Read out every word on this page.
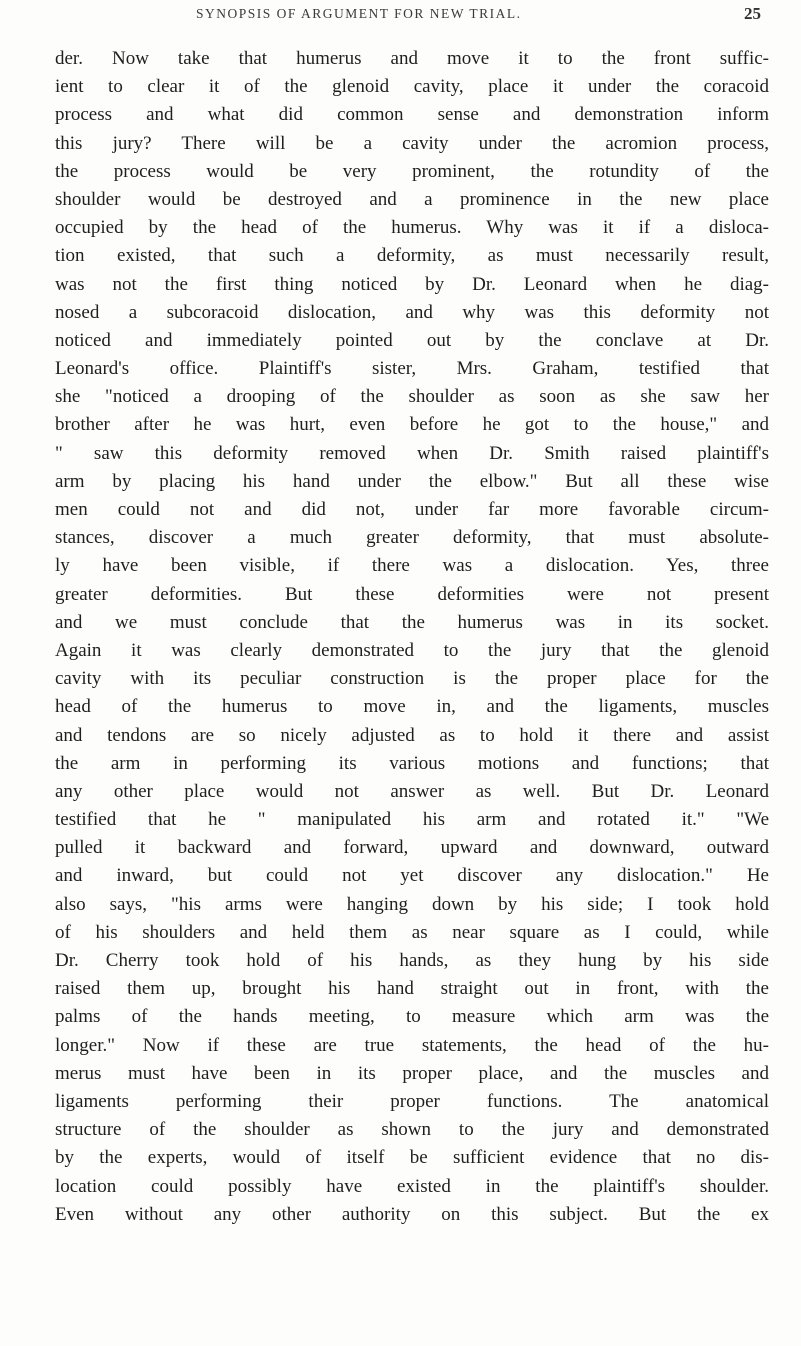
SYNOPSIS OF ARGUMENT FOR NEW TRIAL.	25
der. Now take that humerus and move it to the front suffic-
ient to clear it of the glenoid cavity, place it under the coracoid
process and what did common sense and demonstration inform
this jury? There will be a cavity under the acromion process,
the process would be very prominent, the rotundity of the
shoulder would be destroyed and a prominence in the new place
occupied by the head of the humerus. Why was it if a disloca-
tion existed, that such a deformity, as must necessarily result,
was not the first thing noticed by Dr. Leonard when he diag-
nosed a subcoracoid dislocation, and why was this deformity not
noticed and immediately pointed out by the conclave at Dr.
Leonard's office. Plaintiff's sister, Mrs. Graham, testified that
she "noticed a drooping of the shoulder as soon as she saw her
brother after he was hurt, even before he got to the house," and
" saw this deformity removed when Dr. Smith raised plaintiff's
arm by placing his hand under the elbow." But all these wise
men could not and did not, under far more favorable circum-
stances, discover a much greater deformity, that must absolute-
ly have been visible, if there was a dislocation. Yes, three
greater deformities. But these deformities were not present
and we must conclude that the humerus was in its socket.
Again it was clearly demonstrated to the jury that the glenoid
cavity with its peculiar construction is the proper place for the
head of the humerus to move in, and the ligaments, muscles
and tendons are so nicely adjusted as to hold it there and assist
the arm in performing its various motions and functions; that
any other place would not answer as well. But Dr. Leonard
testified that he " manipulated his arm and rotated it." "We
pulled it backward and forward, upward and downward, outward
and inward, but could not yet discover any dislocation." He
also says, "his arms were hanging down by his side; I took hold
of his shoulders and held them as near square as I could, while
Dr. Cherry took hold of his hands, as they hung by his side
raised them up, brought his hand straight out in front, with the
palms of the hands meeting, to measure which arm was the
longer." Now if these are true statements, the head of the hu-
merus must have been in its proper place, and the muscles and
ligaments performing their proper functions. The anatomical
structure of the shoulder as shown to the jury and demonstrated
by the experts, would of itself be sufficient evidence that no dis-
location could possibly have existed in the plaintiff's shoulder.
Even without any other authority on this subject. But the ex
